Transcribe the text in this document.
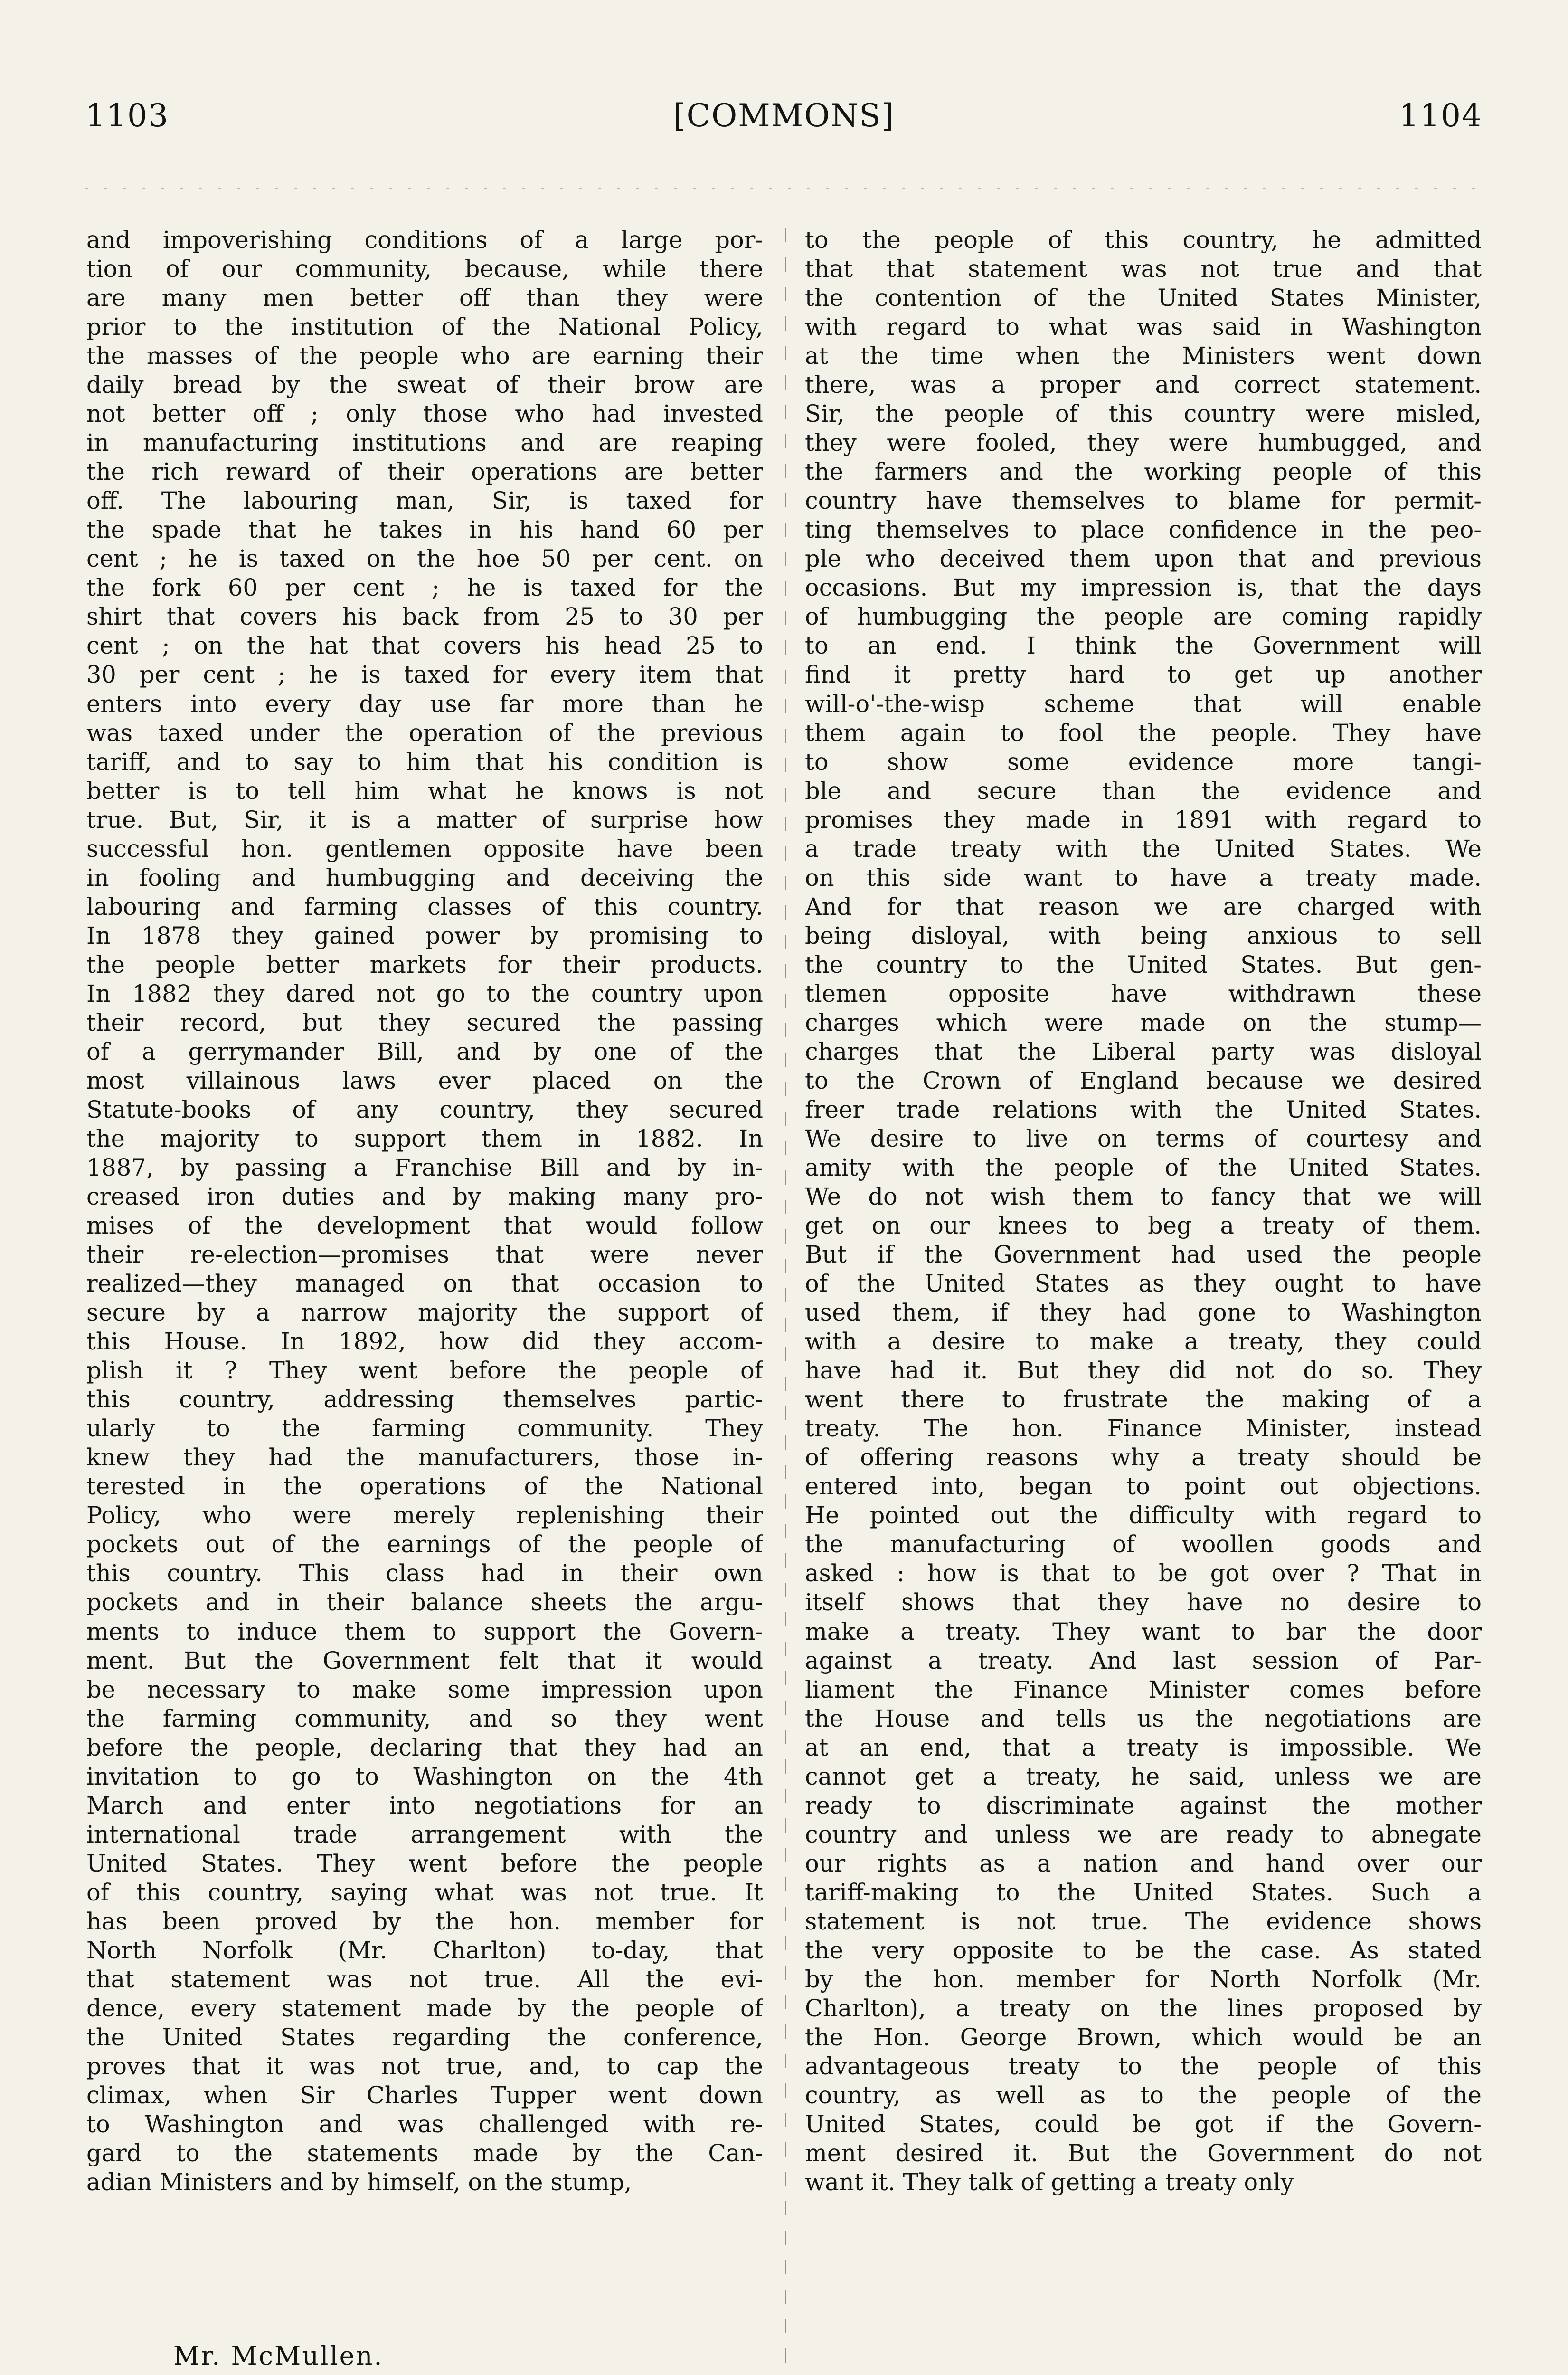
1103	[COMMONS]	1104
and impoverishing conditions of a large por-
tion of our community, because, while there
are many men better off than they were
prior to the institution of the National Policy,
the masses of the people who are earning their
daily bread by the sweat of their brow are
not better off ; only those who had invested
in manufacturing institutions and are reaping
the rich reward of their operations are better
off. The labouring man, Sir, is taxed for
the spade that he takes in his hand 60 per
cent ; he is taxed on the hoe 50 per cent. on
the fork 60 per cent ; he is taxed for the
shirt that covers his back from 25 to 30 per
cent ; on the hat that covers his head 25 to
30 per cent ; he is taxed for every item that
enters into every day use far more than he
was taxed under the operation of the previous
tariff, and to say to him that his condition is
better is to tell him what he knows is not
true. But, Sir, it is a matter of surprise how
successful hon. gentlemen opposite have been
in fooling and humbugging and deceiving the
labouring and farming classes of this country.
In 1878 they gained power by promising to
the people better markets for their products.
In 1882 they dared not go to the country upon
their record, but they secured the passing
of a gerrymander Bill, and by one of the
most villainous laws ever placed on the
Statute-books of any country, they secured
the majority to support them in 1882. In
1887, by passing a Franchise Bill and by in-
creased iron duties and by making many pro-
mises of the development that would follow
their re-election—promises that were never
realized—they managed on that occasion to
secure by a narrow majority the support of
this House. In 1892, how did they accom-
plish it ? They went before the people of
this country, addressing themselves partic-
ularly to the farming community. They
knew they had the manufacturers, those in-
terested in the operations of the National
Policy, who were merely replenishing their
pockets out of the earnings of the people of
this country. This class had in their own
pockets and in their balance sheets the argu-
ments to induce them to support the Govern-
ment. But the Government felt that it would
be necessary to make some impression upon
the farming community, and so they went
before the people, declaring that they had an
invitation to go to Washington on the 4th
March and enter into negotiations for an
international trade arrangement with the
United States. They went before the people
of this country, saying what was not true. It
has been proved by the hon. member for
North Norfolk (Mr. Charlton) to-day, that
that statement was not true. All the evi-
dence, every statement made by the people of
the United States regarding the conference,
proves that it was not true, and, to cap the
climax, when Sir Charles Tupper went down
to Washington and was challenged with re-
gard to the statements made by the Can-
adian Ministers and by himself, on the stump,
to the people of this country, he admitted
that that statement was not true and that
the contention of the United States Minister,
with regard to what was said in Washington
at the time when the Ministers went down
there, was a proper and correct statement.
Sir, the people of this country were misled,
they were fooled, they were humbugged, and
the farmers and the working people of this
country have themselves to blame for permit-
ting themselves to place confidence in the peo-
ple who deceived them upon that and previous
occasions. But my impression is, that the days
of humbugging the people are coming rapidly
to an end. I think the Government will
find it pretty hard to get up another
will-o'-the-wisp scheme that will enable
them again to fool the people. They have
to show some evidence more tangi-
ble and secure than the evidence and
promises they made in 1891 with regard to
a trade treaty with the United States. We
on this side want to have a treaty made.
And for that reason we are charged with
being disloyal, with being anxious to sell
the country to the United States. But gen-
tlemen opposite have withdrawn these
charges which were made on the stump—
charges that the Liberal party was disloyal
to the Crown of England because we desired
freer trade relations with the United States.
We desire to live on terms of courtesy and
amity with the people of the United States.
We do not wish them to fancy that we will
get on our knees to beg a treaty of them.
But if the Government had used the people
of the United States as they ought to have
used them, if they had gone to Washington
with a desire to make a treaty, they could
have had it. But they did not do so. They
went there to frustrate the making of a
treaty. The hon. Finance Minister, instead
of offering reasons why a treaty should be
entered into, began to point out objections.
He pointed out the difficulty with regard to
the manufacturing of woollen goods and
asked : how is that to be got over ? That in
itself shows that they have no desire to
make a treaty. They want to bar the door
against a treaty. And last session of Par-
liament the Finance Minister comes before
the House and tells us the negotiations are
at an end, that a treaty is impossible. We
cannot get a treaty, he said, unless we are
ready to discriminate against the mother
country and unless we are ready to abnegate
our rights as a nation and hand over our
tariff-making to the United States. Such a
statement is not true. The evidence shows
the very opposite to be the case. As stated
by the hon. member for North Norfolk (Mr.
Charlton), a treaty on the lines proposed by
the Hon. George Brown, which would be an
advantageous treaty to the people of this
country, as well as to the people of the
United States, could be got if the Govern-
ment desired it. But the Government do not
want it. They talk of getting a treaty only
Mr. McMullen.
